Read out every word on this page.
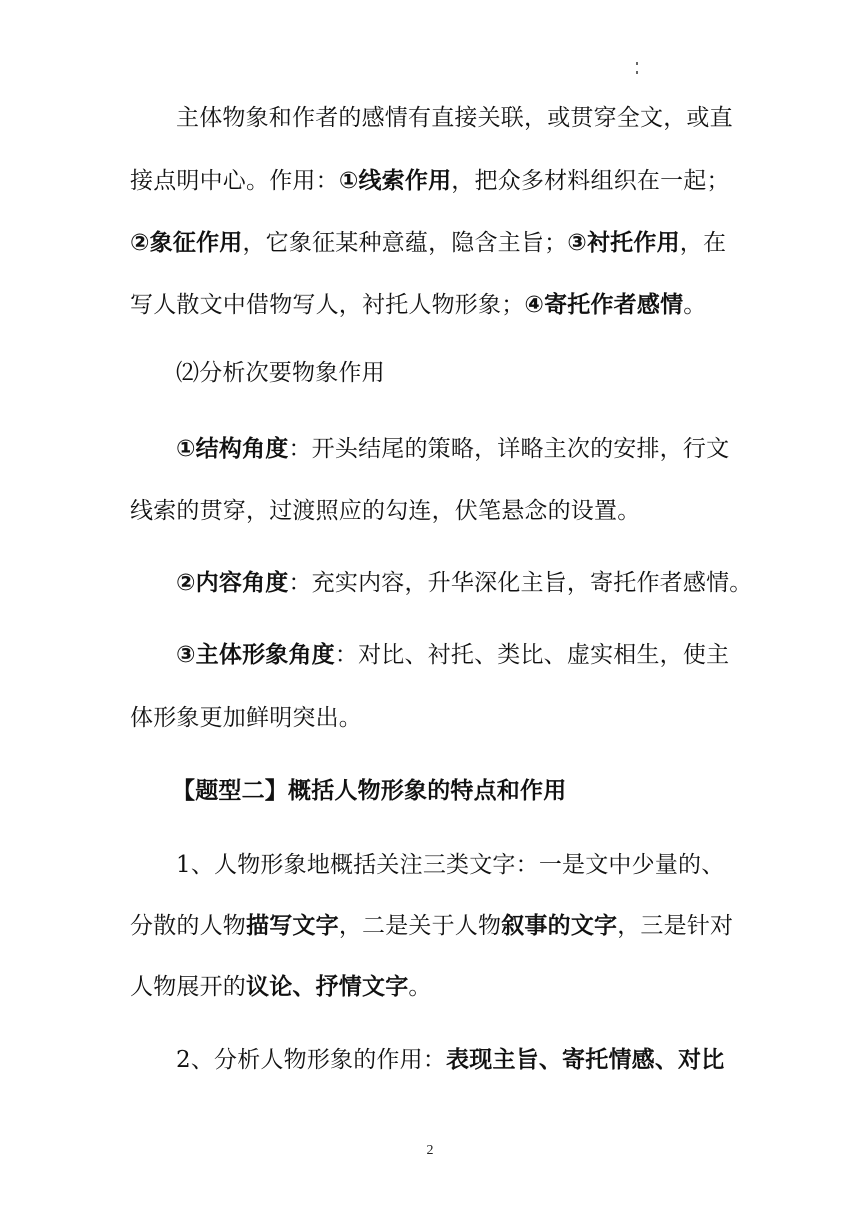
主体物象和作者的感情有直接关联，或贯穿全文，或直
接点明中心。作用：①线索作用，把众多材料组织在一起；
②象征作用，它象征某种意蕴，隐含主旨；③衬托作用，在
写人散文中借物写人，衬托人物形象；④寄托作者感情。
⑵分析次要物象作用
①结构角度：开头结尾的策略，详略主次的安排，行文
线索的贯穿，过渡照应的勾连，伏笔悬念的设置。
②内容角度：充实内容，升华深化主旨，寄托作者感情。
③主体形象角度：对比、衬托、类比、虚实相生，使主
体形象更加鲜明突出。
【题型二】概括人物形象的特点和作用
1、人物形象地概括关注三类文字：一是文中少量的、
分散的人物描写文字，二是关于人物叙事的文字，三是针对
人物展开的议论、抒情文字。
2、分析人物形象的作用：表现主旨、寄托情感、对比
2
